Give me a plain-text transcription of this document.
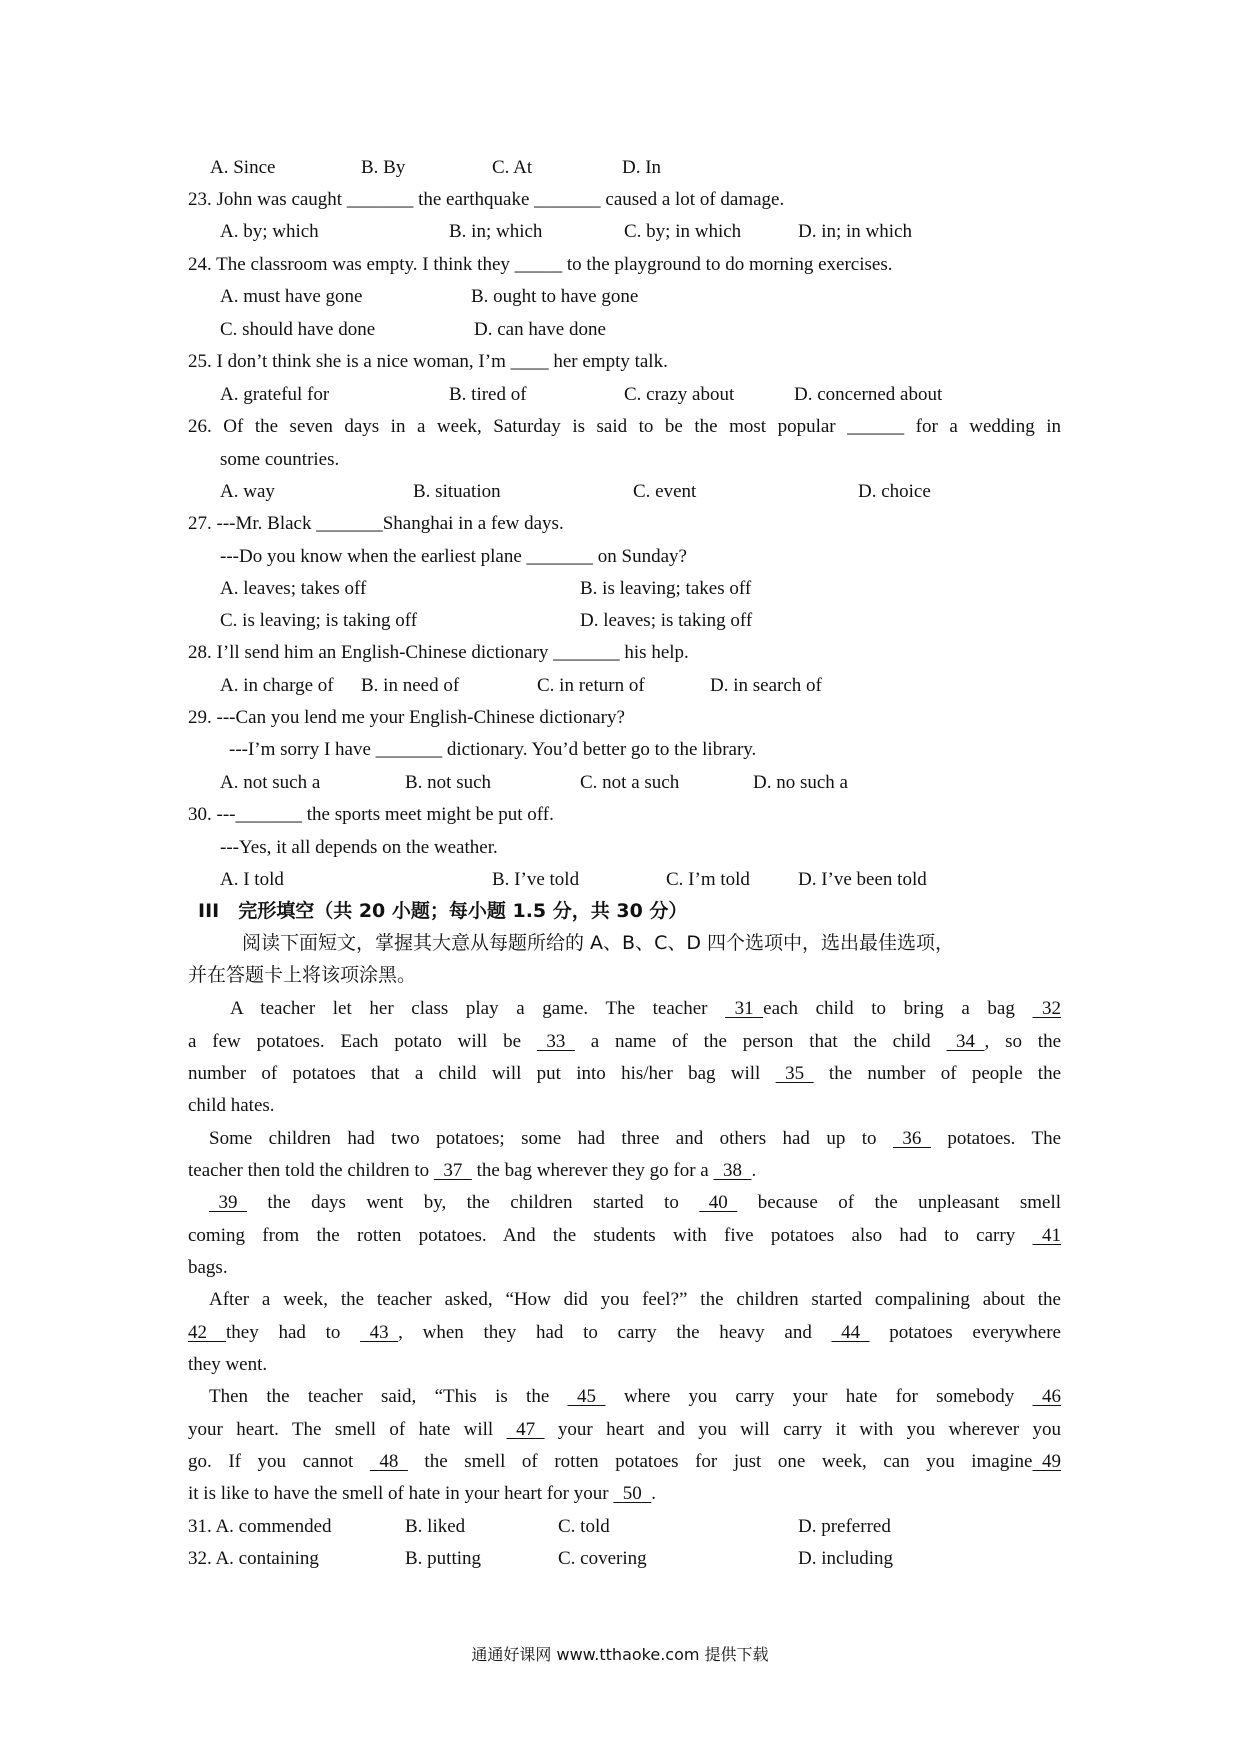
A. Since	B. By	C. At	D. In
23. John was caught _______ the earthquake _______ caused a lot of damage.
A. by; which	B. in; which	C. by; in which	D. in; in which
24. The classroom was empty. I think they _____ to the playground to do morning exercises.
A. must have gone	B. ought to have gone
C. should have done	D. can have done
25. I don’t think she is a nice woman, I’m ____ her empty talk.
A. grateful for	B. tired of	C. crazy about	D. concerned about
26. Of the seven days in a week, Saturday is said to be the most popular ______ for a wedding in
some countries.
A. way	B. situation	C. event	D. choice
27. ---Mr. Black _______Shanghai in a few days.
---Do you know when the earliest plane _______ on Sunday?
A. leaves; takes off	B. is leaving; takes off
C. is leaving; is taking off	D. leaves; is taking off
28. I’ll send him an English-Chinese dictionary _______ his help.
A. in charge of B. in need of	C. in return of	D. in search of
29. ---Can you lend me your English-Chinese dictionary?
---I’m sorry I have _______ dictionary. You’d better go to the library.
A. not such a	B. not such	C. not a such	D. no such a
30. ---_______ the sports meet might be put off.
---Yes, it all depends on the weather.
A. I told	B. I’ve told	C. I’m told	D. I’ve been told
III　完形填空（共 20 小题；每小题 1.5 分，共 30 分）
阅读下面短文，掌握其大意从每题所给的 A、B、C、D 四个选项中，选出最佳选项，
并在答题卡上将该项涂黑。
A teacher let her class play a game. The teacher  31  each child to bring a bag  32
a few potatoes. Each potato will be  33  a name of the person that the child  34  , so the
number of potatoes that a child will put into his/her bag will  35  the number of people the
child hates.
Some children had two potatoes; some had three and others had up to  36  potatoes. The
teacher then told the children to  37  the bag wherever they go for a  38  .
 39  the days went by, the children started to  40  because of the unpleasant smell
coming from the rotten potatoes. And the students with five potatoes also had to carry  41
bags.
After a week, the teacher asked, “How did you feel?” the children started compalining about the
42   they had to  43  , when they had to carry the heavy and  44  potatoes everywhere
they went.
Then the teacher said, “This is the  45  where you carry your hate for somebody  46
your heart. The smell of hate will  47  your heart and you will carry it with you wherever you
go. If you cannot  48  the smell of rotten potatoes for just one week, can you imagine  49
it is like to have the smell of hate in your heart for your  50  .
31. A. commended	B. liked	C. told	D. preferred
32. A. containing	B. putting	C. covering	D. including
通通好课网 www.tthaoke.com 提供下载
